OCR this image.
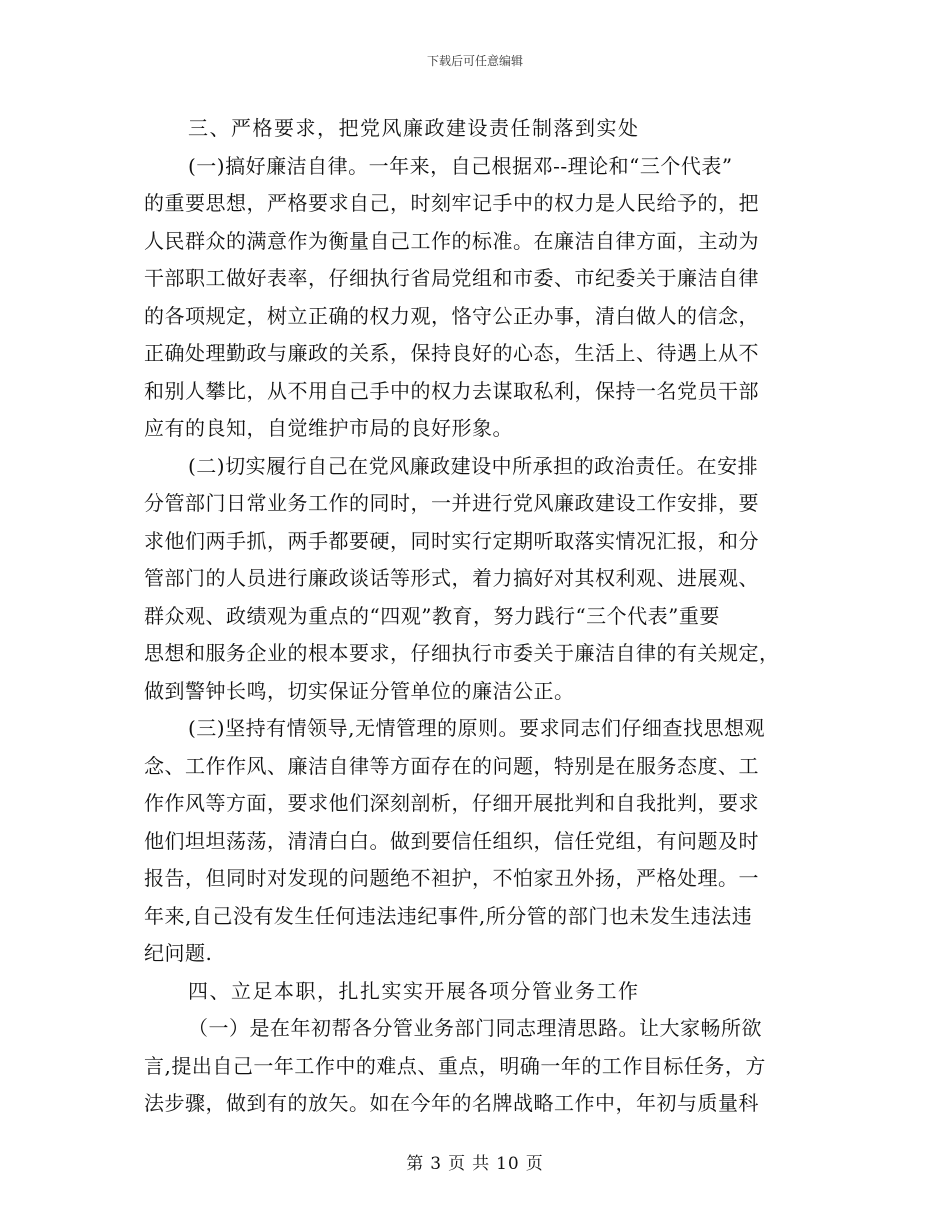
下载后可任意编辑
三、严格要求，把党风廉政建设责任制落到实处
(一)搞好廉洁自律。一年来，自己根据邓--理论和“三个代表”
的重要思想，严格要求自己，时刻牢记手中的权力是人民给予的，把
人民群众的满意作为衡量自己工作的标准。在廉洁自律方面，主动为
干部职工做好表率，仔细执行省局党组和市委、市纪委关于廉洁自律
的各项规定，树立正确的权力观，恪守公正办事，清白做人的信念，
正确处理勤政与廉政的关系，保持良好的心态，生活上、待遇上从不
和别人攀比，从不用自己手中的权力去谋取私利，保持一名党员干部
应有的良知，自觉维护市局的良好形象。
(二)切实履行自己在党风廉政建设中所承担的政治责任。在安排
分管部门日常业务工作的同时，一并进行党风廉政建设工作安排，要
求他们两手抓，两手都要硬，同时实行定期听取落实情况汇报，和分
管部门的人员进行廉政谈话等形式，着力搞好对其权利观、进展观、
群众观、政绩观为重点的“四观”教育，努力践行“三个代表”重要
思想和服务企业的根本要求，仔细执行市委关于廉洁自律的有关规定，
做到警钟长鸣，切实保证分管单位的廉洁公正。
(三)坚持有情领导,无情管理的原则。要求同志们仔细查找思想观
念、工作作风、廉洁自律等方面存在的问题，特别是在服务态度、工
作作风等方面，要求他们深刻剖析，仔细开展批判和自我批判，要求
他们坦坦荡荡，清清白白。做到要信任组织，信任党组，有问题及时
报告，但同时对发现的问题绝不袒护，不怕家丑外扬，严格处理。一
年来,自己没有发生任何违法违纪事件,所分管的部门也未发生违法违
纪问题.
四、立足本职，扎扎实实开展各项分管业务工作
（一）是在年初帮各分管业务部门同志理清思路。让大家畅所欲
言,提出自己一年工作中的难点、重点，明确一年的工作目标任务，方
法步骤，做到有的放矢。如在今年的名牌战略工作中，年初与质量科
第 3 页 共 10 页
